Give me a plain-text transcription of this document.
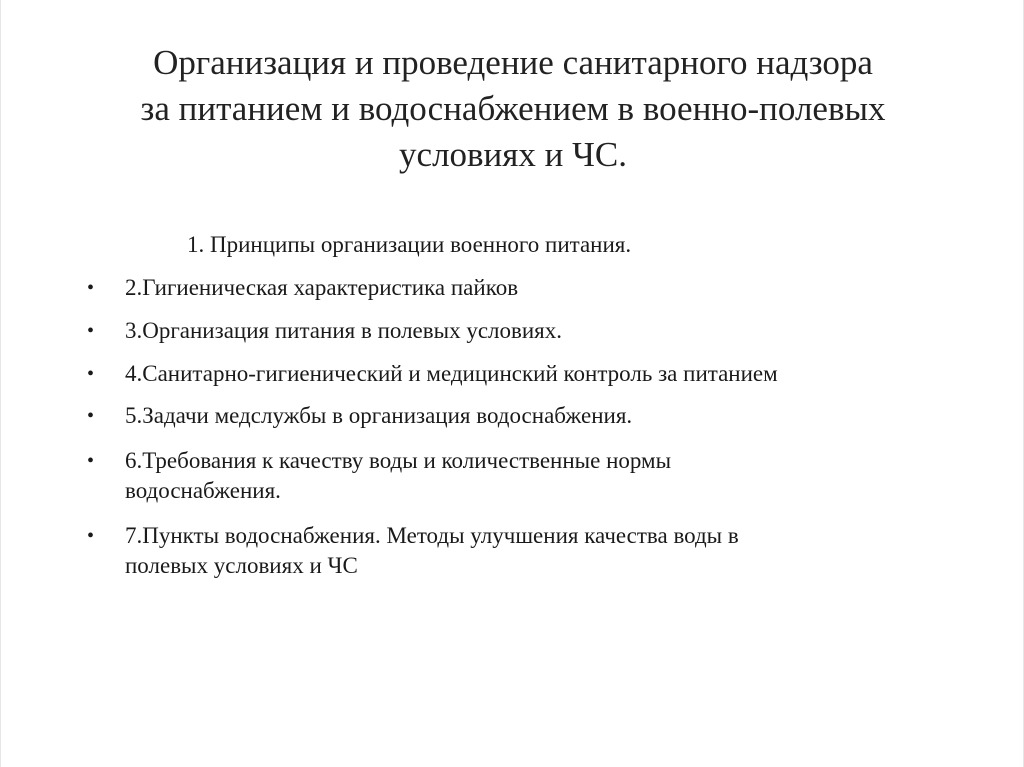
Организация и проведение санитарного надзора
за питанием и водоснабжением в военно-полевых
условиях и ЧС.
1. Принципы организации военного питания.
• 2.Гигиеническая характеристика пайков
• 3.Организация питания в полевых условиях.
• 4.Санитарно-гигиенический и медицинский контроль за питанием
• 5.Задачи медслужбы в организация водоснабжения.
• 6.Требования к качеству воды и количественные нормы
водоснабжения.
• 7.Пункты водоснабжения. Методы улучшения качества воды в
полевых условиях и ЧС
